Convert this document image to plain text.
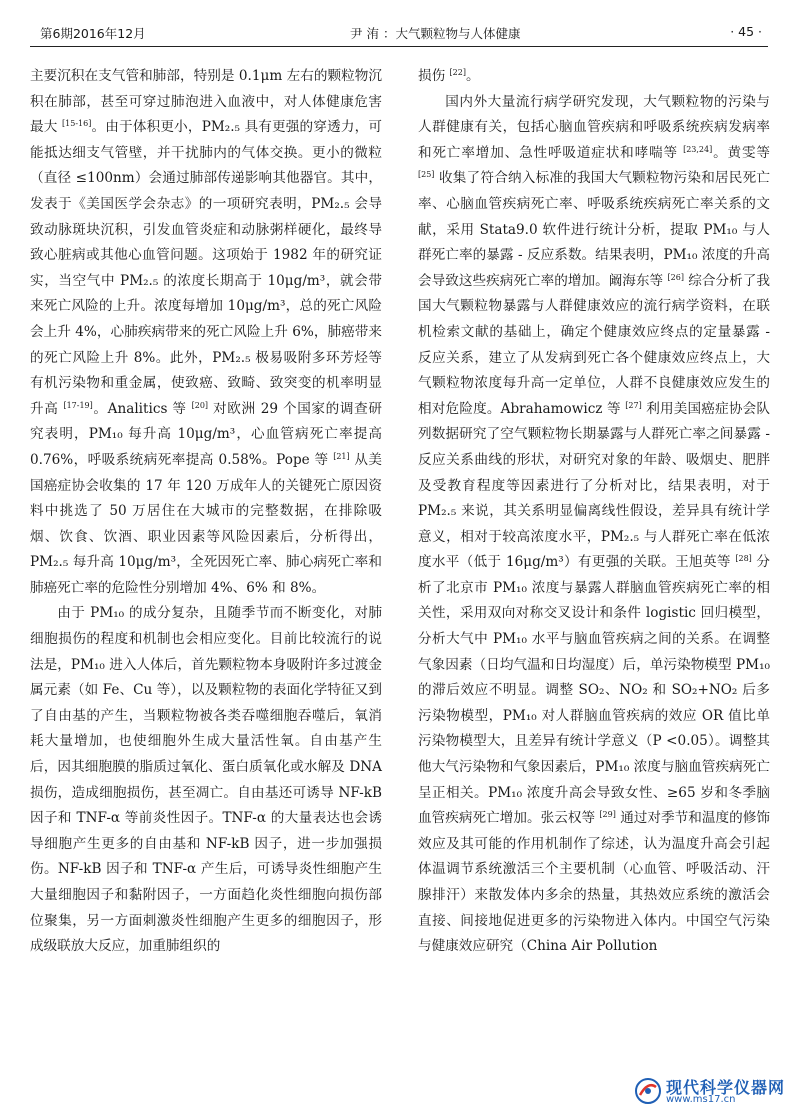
第6期2016年12月	尹 洧 ：大气颗粒物与人体健康	· 45 ·

主要沉积在支气管和肺部，特别是 0.1μm 左右的颗粒物沉积在肺部，甚至可穿过肺泡进入血液中，对人体健康危害最大 [15-16]。由于体积更小，PM₂.₅ 具有更强的穿透力，可能抵达细支气管壁，并干扰肺内的气体交换。更小的微粒（直径 ≤100nm）会通过肺部传递影响其他器官。其中，发表于《美国医学会杂志》的一项研究表明，PM₂.₅ 会导致动脉斑块沉积，引发血管炎症和动脉粥样硬化，最终导致心脏病或其他心血管问题。这项始于 1982 年的研究证实，当空气中 PM₂.₅ 的浓度长期高于 10μg/m³，就会带来死亡风险的上升。浓度每增加 10μg/m³，总的死亡风险会上升 4%，心肺疾病带来的死亡风险上升 6%，肺癌带来的死亡风险上升 8%。此外，PM₂.₅ 极易吸附多环芳烃等有机污染物和重金属，使致癌、致畸、致突变的机率明显升高 [17-19]。Analitics 等 [20] 对欧洲 29 个国家的调查研究表明，PM₁₀ 每升高 10μg/m³，心血管病死亡率提高 0.76%，呼吸系统病死率提高 0.58%。Pope 等 [21] 从美国癌症协会收集的 17 年 120 万成年人的关键死亡原因资料中挑选了 50 万居住在大城市的完整数据，在排除吸烟、饮食、饮酒、职业因素等风险因素后，分析得出，PM₂.₅ 每升高 10μg/m³，全死因死亡率、肺心病死亡率和肺癌死亡率的危险性分别增加 4%、6% 和 8%。

由于 PM₁₀ 的成分复杂，且随季节而不断变化，对肺细胞损伤的程度和机制也会相应变化。目前比较流行的说法是，PM₁₀ 进入人体后，首先颗粒物本身吸附许多过渡金属元素（如 Fe、Cu 等），以及颗粒物的表面化学特征又到了自由基的产生，当颗粒物被各类吞噬细胞吞噬后，氧消耗大量增加，也使细胞外生成大量活性氧。自由基产生后，因其细胞膜的脂质过氧化、蛋白质氧化或水解及 DNA 损伤，造成细胞损伤，甚至凋亡。自由基还可诱导 NF-kB 因子和 TNF-α 等前炎性因子。TNF-α 的大量表达也会诱导细胞产生更多的自由基和 NF-kB 因子，进一步加强损伤。NF-kB 因子和 TNF-α 产生后，可诱导炎性细胞产生大量细胞因子和黏附因子，一方面趋化炎性细胞向损伤部位聚集，另一方面刺激炎性细胞产生更多的细胞因子，形成级联放大反应，加重肺组织的

损伤 [22]。

国内外大量流行病学研究发现，大气颗粒物的污染与人群健康有关，包括心脑血管疾病和呼吸系统疾病发病率和死亡率增加、急性呼吸道症状和哮喘等 [23,24]。黄雯等 [25] 收集了符合纳入标准的我国大气颗粒物污染和居民死亡率、心脑血管疾病死亡率、呼吸系统疾病死亡率关系的文献，采用 Stata9.0 软件进行统计分析，提取 PM₁₀ 与人群死亡率的暴露 - 反应系数。结果表明，PM₁₀ 浓度的升高会导致这些疾病死亡率的增加。阚海东等 [26] 综合分析了我国大气颗粒物暴露与人群健康效应的流行病学资料，在联机检索文献的基础上，确定个健康效应终点的定量暴露 - 反应关系，建立了从发病到死亡各个健康效应终点上，大气颗粒物浓度每升高一定单位，人群不良健康效应发生的相对危险度。Abrahamowicz 等 [27] 利用美国癌症协会队列数据研究了空气颗粒物长期暴露与人群死亡率之间暴露 - 反应关系曲线的形状，对研究对象的年龄、吸烟史、肥胖及受教育程度等因素进行了分析对比，结果表明，对于 PM₂.₅ 来说，其关系明显偏离线性假设，差异具有统计学意义，相对于较高浓度水平，PM₂.₅ 与人群死亡率在低浓度水平（低于 16μg/m³）有更强的关联。王旭英等 [28] 分析了北京市 PM₁₀ 浓度与暴露人群脑血管疾病死亡率的相关性，采用双向对称交叉设计和条件 logistic 回归模型，分析大气中 PM₁₀ 水平与脑血管疾病之间的关系。在调整气象因素（日均气温和日均湿度）后，单污染物模型 PM₁₀ 的滞后效应不明显。调整 SO₂、NO₂ 和 SO₂+NO₂ 后多污染物模型，PM₁₀ 对人群脑血管疾病的效应 OR 值比单污染物模型大，且差异有统计学意义（P <0.05）。调整其他大气污染物和气象因素后，PM₁₀ 浓度与脑血管疾病死亡呈正相关。PM₁₀ 浓度升高会导致女性、≥65 岁和冬季脑血管疾病死亡增加。张云权等 [29] 通过对季节和温度的修饰效应及其可能的作用机制作了综述，认为温度升高会引起体温调节系统激活三个主要机制（心血管、呼吸活动、汗腺排汗）来散发体内多余的热量，其热效应系统的激活会直接、间接地促进更多的污染物进入体内。中国空气污染与健康效应研究（China Air Pollution

现代科学仪器网
www.ms17.cn
